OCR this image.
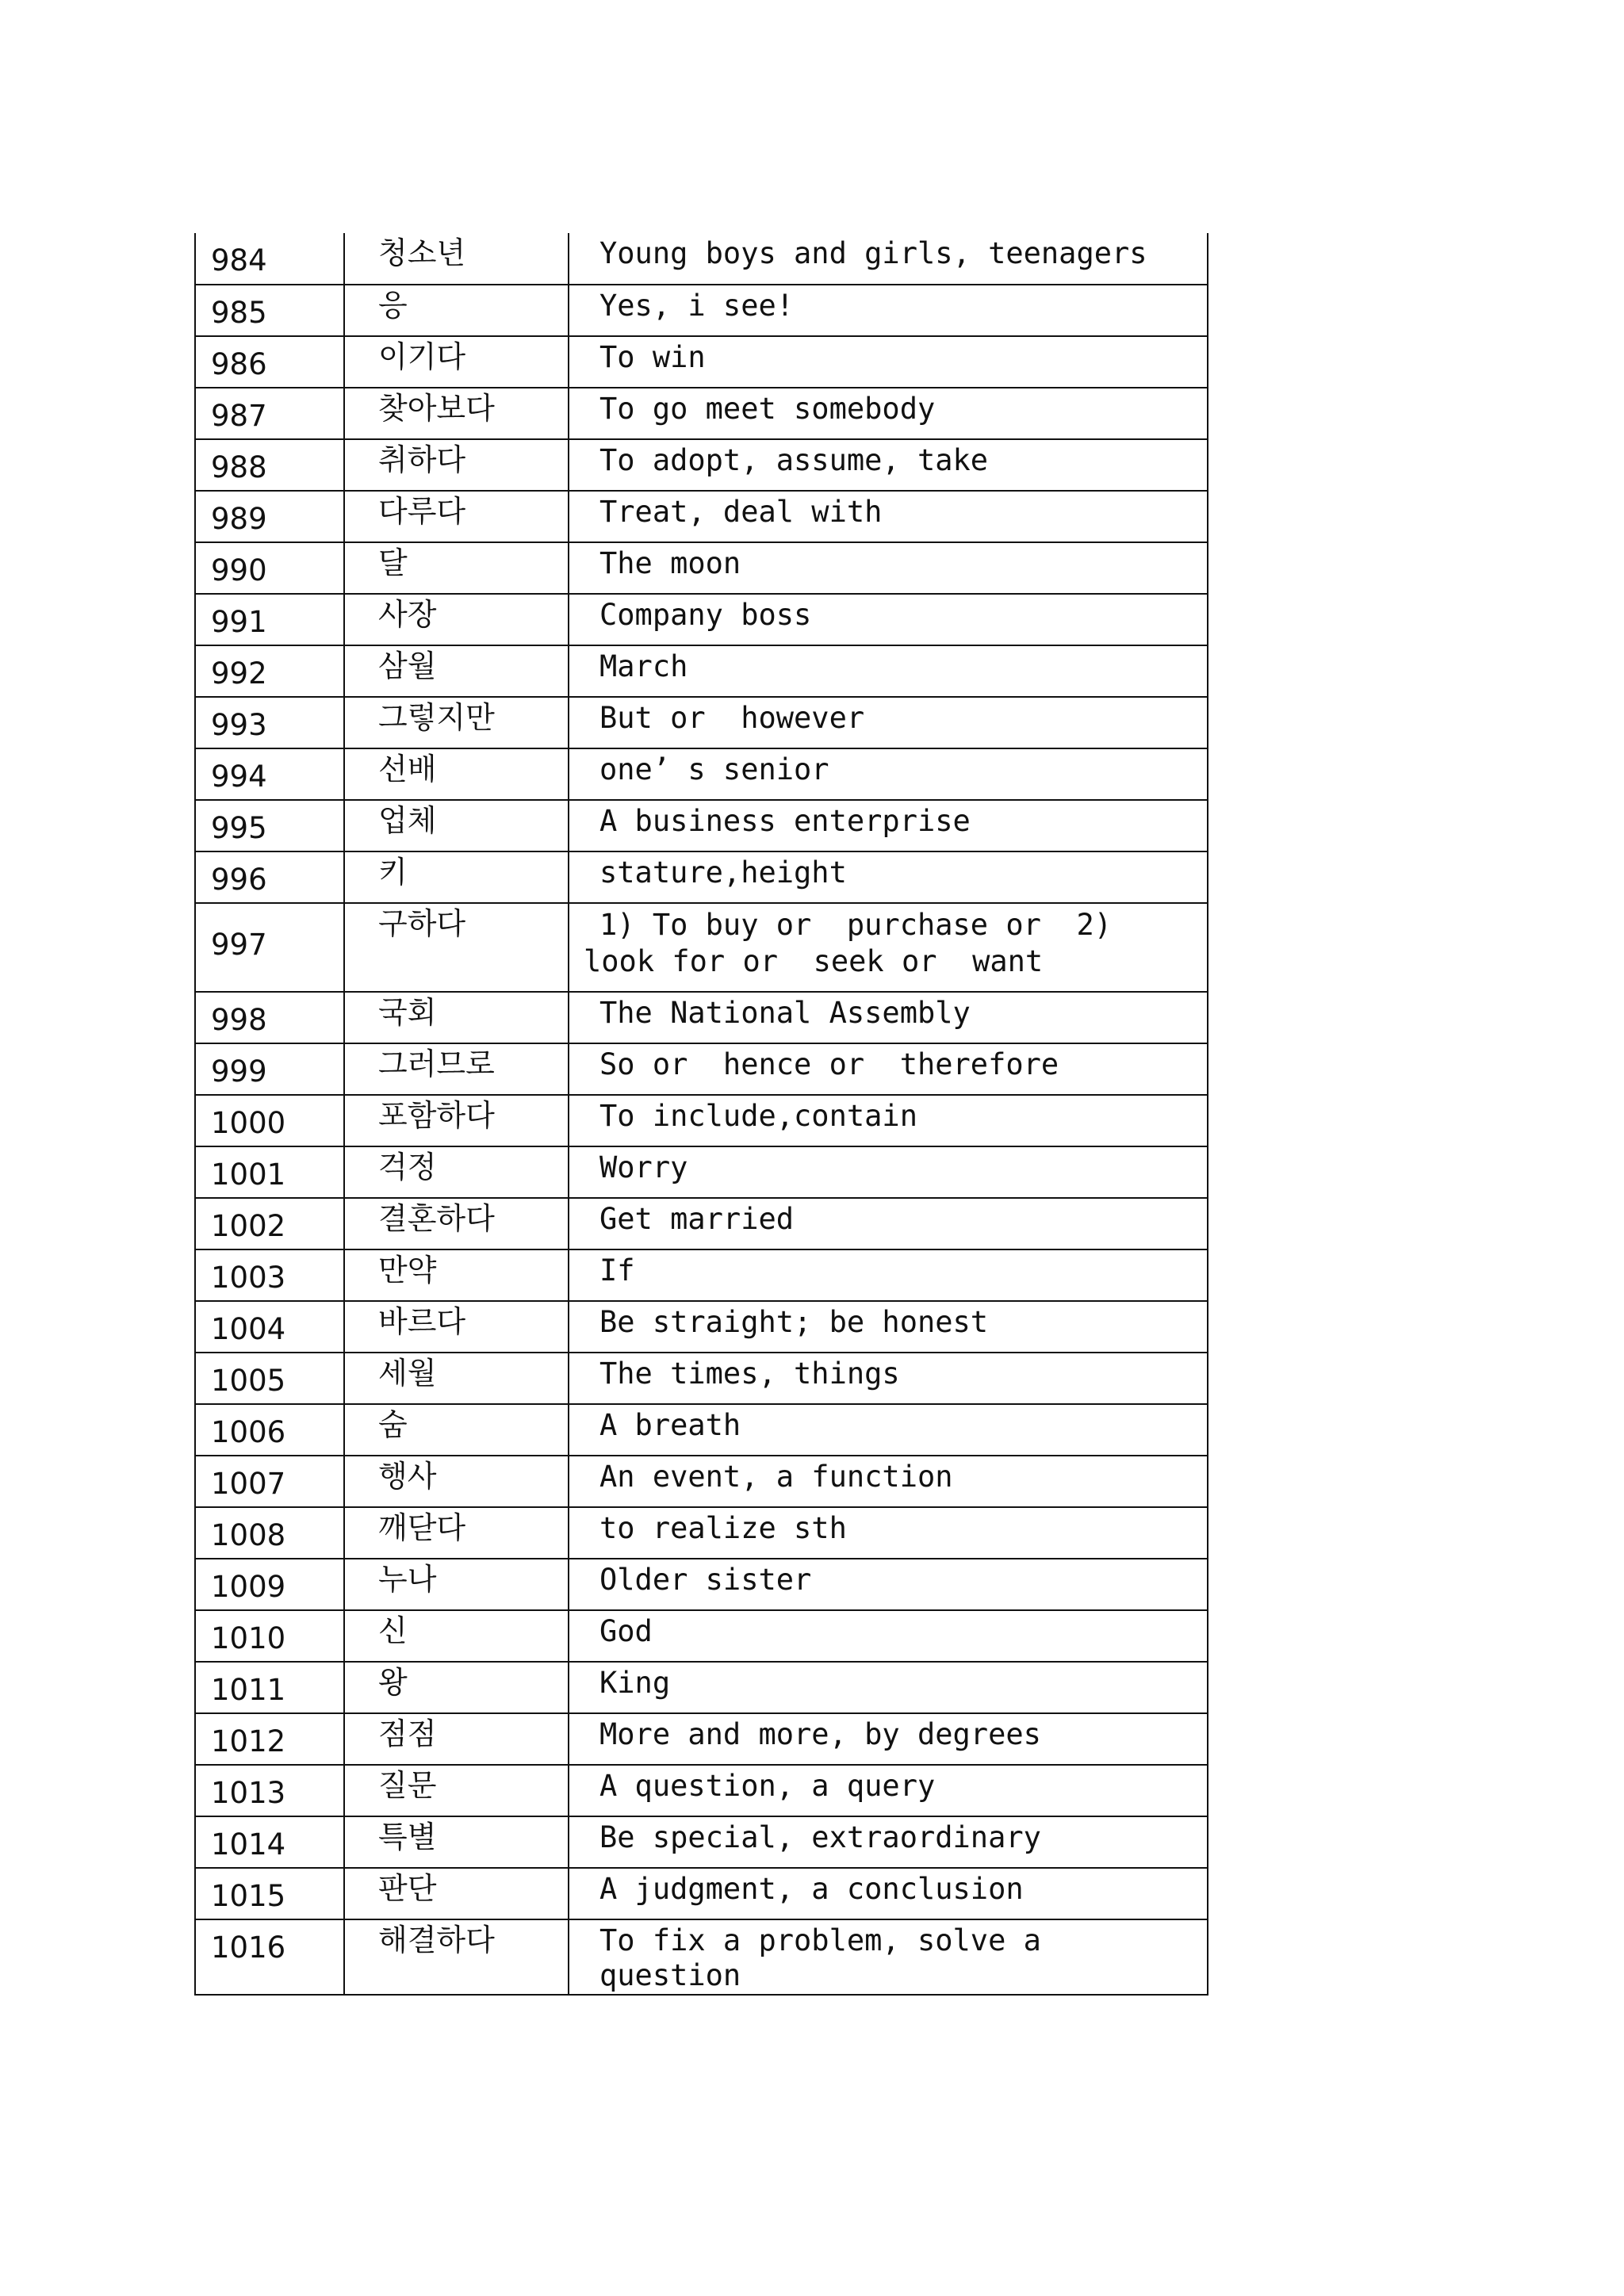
984	청소년	Young boys and girls, teenagers

985	응	Yes, i see!

986	이기다	To win

987	찾아보다	To go meet somebody

988	취하다	To adopt, assume, take

989	다루다	Treat, deal with

990	달	The moon

991	사장	Company boss

992	삼월	March

993	그렇지만	But or  however

994	선배	one’ s senior

995	업체	A business enterprise

996	키	stature,height

997	구하다	1) To buy or  purchase or  2) look for or  seek or  want

998	국회	The National Assembly

999	그러므로	So or  hence or  therefore

1000	포함하다	To include,contain

1001	걱정	Worry

1002	결혼하다	Get married

1003	만약	If

1004	바르다	Be straight; be honest

1005	세월	The times, things

1006	숨	A breath

1007	행사	An event, a function

1008	깨닫다	to realize sth

1009	누나	Older sister

1010	신	God

1011	왕	King

1012	점점	More and more, by degrees

1013	질문	A question, a query

1014	특별	Be special, extraordinary

1015	판단	A judgment, a conclusion

1016	해결하다	To fix a problem, solve a question
